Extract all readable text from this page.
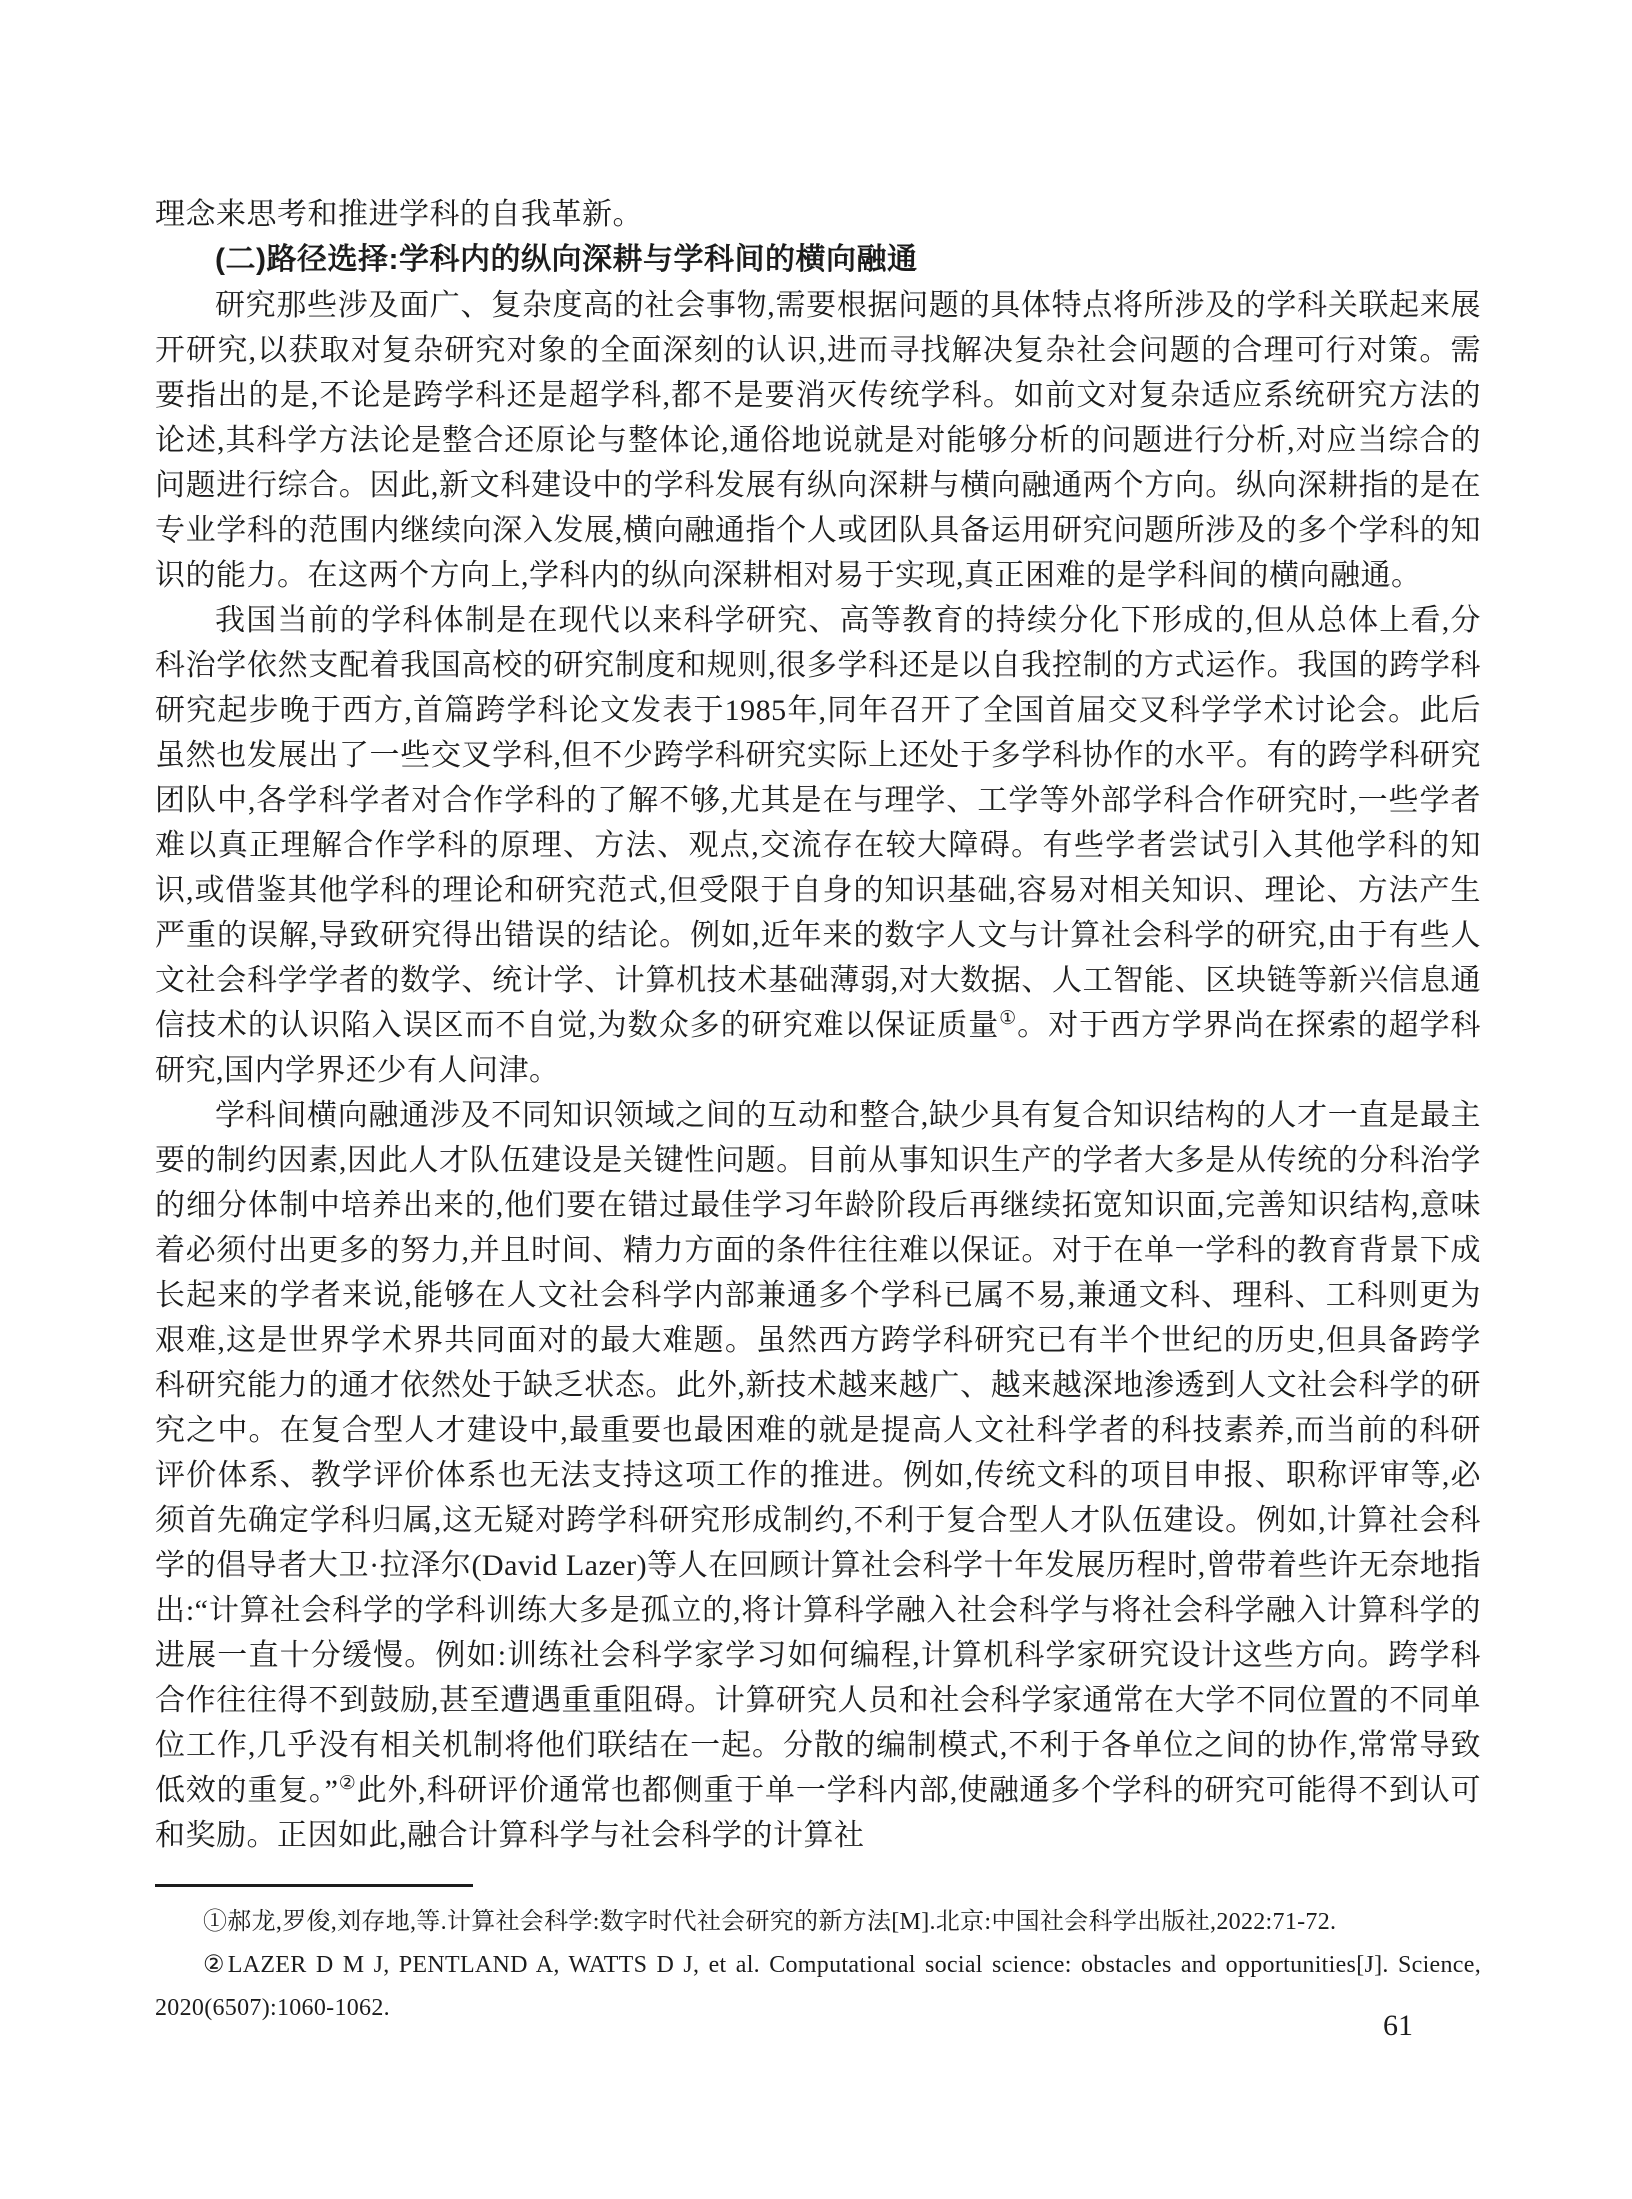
理念来思考和推进学科的自我革新。

(二)路径选择:学科内的纵向深耕与学科间的横向融通

研究那些涉及面广、复杂度高的社会事物,需要根据问题的具体特点将所涉及的学科关联起来展开研究,以获取对复杂研究对象的全面深刻的认识,进而寻找解决复杂社会问题的合理可行对策。需要指出的是,不论是跨学科还是超学科,都不是要消灭传统学科。如前文对复杂适应系统研究方法的论述,其科学方法论是整合还原论与整体论,通俗地说就是对能够分析的问题进行分析,对应当综合的问题进行综合。因此,新文科建设中的学科发展有纵向深耕与横向融通两个方向。纵向深耕指的是在专业学科的范围内继续向深入发展,横向融通指个人或团队具备运用研究问题所涉及的多个学科的知识的能力。在这两个方向上,学科内的纵向深耕相对易于实现,真正困难的是学科间的横向融通。

我国当前的学科体制是在现代以来科学研究、高等教育的持续分化下形成的,但从总体上看,分科治学依然支配着我国高校的研究制度和规则,很多学科还是以自我控制的方式运作。我国的跨学科研究起步晚于西方,首篇跨学科论文发表于1985年,同年召开了全国首届交叉科学学术讨论会。此后虽然也发展出了一些交叉学科,但不少跨学科研究实际上还处于多学科协作的水平。有的跨学科研究团队中,各学科学者对合作学科的了解不够,尤其是在与理学、工学等外部学科合作研究时,一些学者难以真正理解合作学科的原理、方法、观点,交流存在较大障碍。有些学者尝试引入其他学科的知识,或借鉴其他学科的理论和研究范式,但受限于自身的知识基础,容易对相关知识、理论、方法产生严重的误解,导致研究得出错误的结论。例如,近年来的数字人文与计算社会科学的研究,由于有些人文社会科学学者的数学、统计学、计算机技术基础薄弱,对大数据、人工智能、区块链等新兴信息通信技术的认识陷入误区而不自觉,为数众多的研究难以保证质量①。对于西方学界尚在探索的超学科研究,国内学界还少有人问津。

学科间横向融通涉及不同知识领域之间的互动和整合,缺少具有复合知识结构的人才一直是最主要的制约因素,因此人才队伍建设是关键性问题。目前从事知识生产的学者大多是从传统的分科治学的细分体制中培养出来的,他们要在错过最佳学习年龄阶段后再继续拓宽知识面,完善知识结构,意味着必须付出更多的努力,并且时间、精力方面的条件往往难以保证。对于在单一学科的教育背景下成长起来的学者来说,能够在人文社会科学内部兼通多个学科已属不易,兼通文科、理科、工科则更为艰难,这是世界学术界共同面对的最大难题。虽然西方跨学科研究已有半个世纪的历史,但具备跨学科研究能力的通才依然处于缺乏状态。此外,新技术越来越广、越来越深地渗透到人文社会科学的研究之中。在复合型人才建设中,最重要也最困难的就是提高人文社科学者的科技素养,而当前的科研评价体系、教学评价体系也无法支持这项工作的推进。例如,传统文科的项目申报、职称评审等,必须首先确定学科归属,这无疑对跨学科研究形成制约,不利于复合型人才队伍建设。例如,计算社会科学的倡导者大卫·拉泽尔(David Lazer)等人在回顾计算社会科学十年发展历程时,曾带着些许无奈地指出:“计算社会科学的学科训练大多是孤立的,将计算科学融入社会科学与将社会科学融入计算科学的进展一直十分缓慢。例如:训练社会科学家学习如何编程,计算机科学家研究设计这些方向。跨学科合作往往得不到鼓励,甚至遭遇重重阻碍。计算研究人员和社会科学家通常在大学不同位置的不同单位工作,几乎没有相关机制将他们联结在一起。分散的编制模式,不利于各单位之间的协作,常常导致低效的重复。”②此外,科研评价通常也都侧重于单一学科内部,使融通多个学科的研究可能得不到认可和奖励。正因如此,融合计算科学与社会科学的计算社

①郝龙,罗俊,刘存地,等.计算社会科学:数字时代社会研究的新方法[M].北京:中国社会科学出版社,2022:71-72.

②LAZER D M J, PENTLAND A, WATTS D J, et al. Computational social science: obstacles and opportunities[J]. Science, 2020(6507):1060-1062.

61
